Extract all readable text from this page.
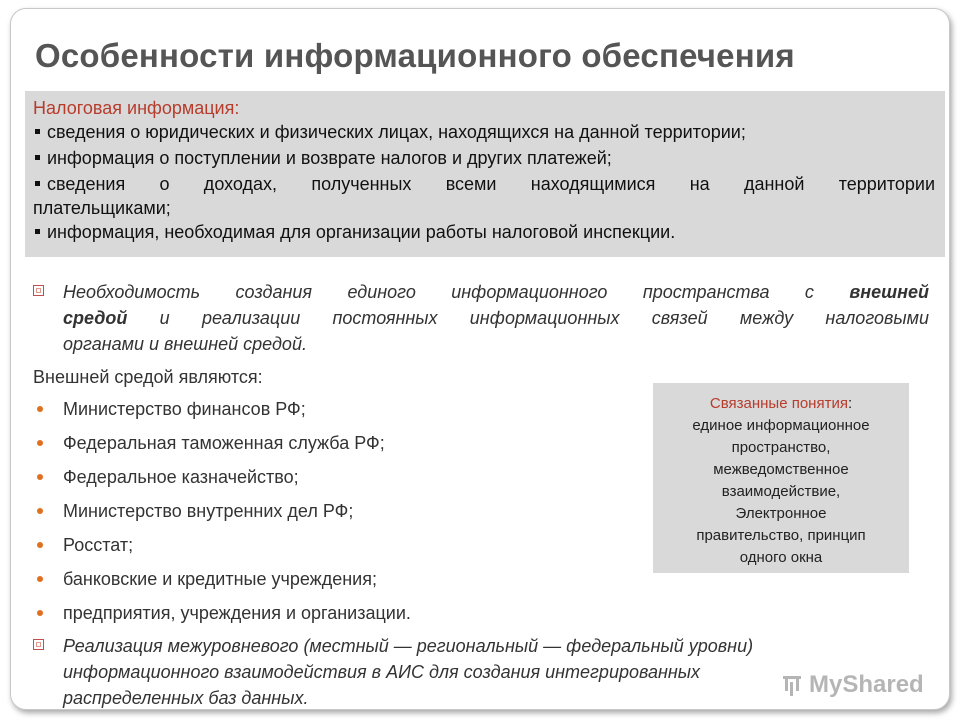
Особенности информационного обеспечения
Налоговая информация:
сведения о юридических и физических лицах, находящихся на данной территории;
информация о поступлении и возврате налогов и других платежей;
сведения о доходах, полученных всеми находящимися на данной территории
плательщиками;
информация, необходимая для организации работы налоговой инспекции.
Необходимость создания единого информационного пространства с внешней
средой и реализации постоянных информационных связей между налоговыми
органами и внешней средой.
Внешней средой являются:
Министерство финансов РФ;
Федеральная таможенная служба РФ;
Федеральное казначейство;
Министерство внутренних дел РФ;
Росстат;
банковские и кредитные учреждения;
предприятия, учреждения и организации.
Связанные понятия:
единое информационное
пространство,
межведомственное
взаимодействие,
Электронное
правительство, принцип
одного окна
Реализация межуровневого (местный — региональный — федеральный уровни)
информационного взаимодействия в АИС для создания интегрированных
распределенных баз данных.	MyShared
